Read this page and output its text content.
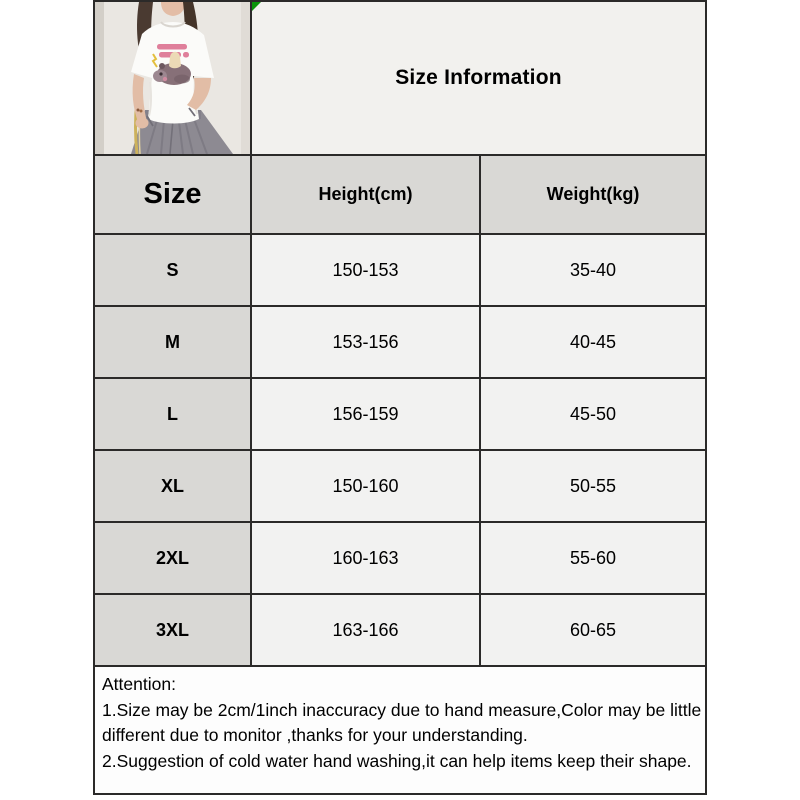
Size Information
Size	Height(cm)	Weight(kg)
S	150-153	35-40
M	153-156	40-45
L	156-159	45-50
XL	150-160	50-55
2XL	160-163	55-60
3XL	163-166	60-65
Attention:
1.Size may be 2cm/1inch inaccuracy due to hand measure,Color may be little
different due to monitor ,thanks for your understanding.
2.Suggestion of cold water hand washing,it can help items keep their shape.
